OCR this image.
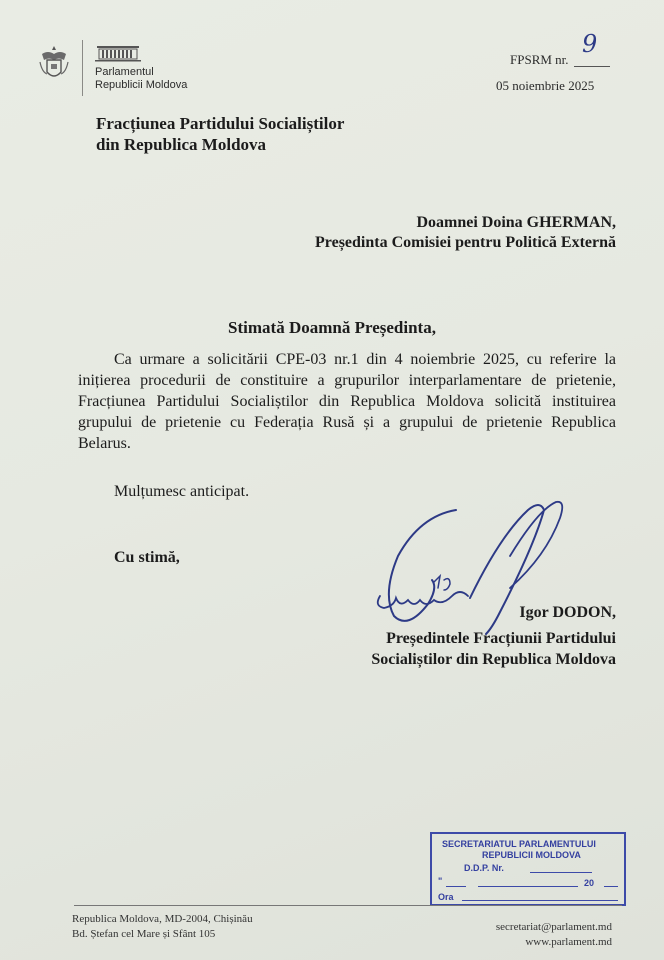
Parlamentul
Republicii Moldova
FPSRM nr.
9
05 noiembrie 2025
Fracțiunea Partidului Socialiștilor
din Republica Moldova
Doamnei Doina GHERMAN,
Președinta Comisiei pentru Politică Externă
Stimată Doamnă Președinta,
Ca urmare a solicitării CPE-03 nr.1 din 4 noiembrie 2025, cu referire la inițierea procedurii de constituire a grupurilor interparlamentare de prietenie, Fracțiunea Partidului Socialiștilor din Republica Moldova solicită instituirea grupului de prietenie cu Federația Rusă și a grupului de prietenie Republica Belarus.
Mulțumesc anticipat.
Cu stimă,
Igor DODON,
Președintele Fracțiunii Partidului
Socialiștilor din Republica Moldova
SECRETARIATUL PARLAMENTULUI
REPUBLICII MOLDOVA
D.D.P. Nr.
"	20
Ora
Republica Moldova, MD-2004, Chișinău
Bd. Ștefan cel Mare și Sfânt 105
secretariat@parlament.md
www.parlament.md
